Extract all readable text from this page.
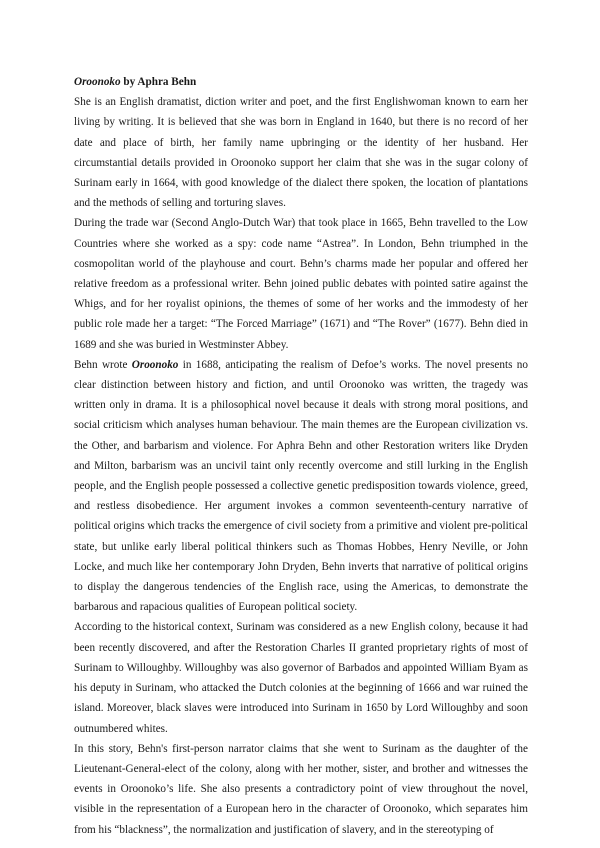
Oroonoko by Aphra Behn

She is an English dramatist, diction writer and poet, and the first Englishwoman known to earn her living by writing. It is believed that she was born in England in 1640, but there is no record of her date and place of birth, her family name upbringing or the identity of her husband. Her circumstantial details provided in Oroonoko support her claim that she was in the sugar colony of Surinam early in 1664, with good knowledge of the dialect there spoken, the location of plantations and the methods of selling and torturing slaves.

During the trade war (Second Anglo-Dutch War) that took place in 1665, Behn travelled to the Low Countries where she worked as a spy: code name “Astrea”. In London, Behn triumphed in the cosmopolitan world of the playhouse and court. Behn’s charms made her popular and offered her relative freedom as a professional writer. Behn joined public debates with pointed satire against the Whigs, and for her royalist opinions, the themes of some of her works and the immodesty of her public role made her a target: “The Forced Marriage” (1671) and “The Rover” (1677). Behn died in 1689 and she was buried in Westminster Abbey.

Behn wrote Oroonoko in 1688, anticipating the realism of Defoe’s works. The novel presents no clear distinction between history and fiction, and until Oroonoko was written, the tragedy was written only in drama. It is a philosophical novel because it deals with strong moral positions, and social criticism which analyses human behaviour. The main themes are the European civilization vs. the Other, and barbarism and violence. For Aphra Behn and other Restoration writers like Dryden and Milton, barbarism was an uncivil taint only recently overcome and still lurking in the English people, and the English people possessed a collective genetic predisposition towards violence, greed, and restless disobedience. Her argument invokes a common seventeenth-century narrative of political origins which tracks the emergence of civil society from a primitive and violent pre-political state, but unlike early liberal political thinkers such as Thomas Hobbes, Henry Neville, or John Locke, and much like her contemporary John Dryden, Behn inverts that narrative of political origins to display the dangerous tendencies of the English race, using the Americas, to demonstrate the barbarous and rapacious qualities of European political society.

According to the historical context, Surinam was considered as a new English colony, because it had been recently discovered, and after the Restoration Charles II granted proprietary rights of most of Surinam to Willoughby. Willoughby was also governor of Barbados and appointed William Byam as his deputy in Surinam, who attacked the Dutch colonies at the beginning of 1666 and war ruined the island. Moreover, black slaves were introduced into Surinam in 1650 by Lord Willoughby and soon outnumbered whites.

In this story, Behn's first-person narrator claims that she went to Surinam as the daughter of the Lieutenant-General-elect of the colony, along with her mother, sister, and brother and witnesses the events in Oroonoko’s life. She also presents a contradictory point of view throughout the novel, visible in the representation of a European hero in the character of Oroonoko, which separates him from his “blackness”, the normalization and justification of slavery, and in the stereotyping of
